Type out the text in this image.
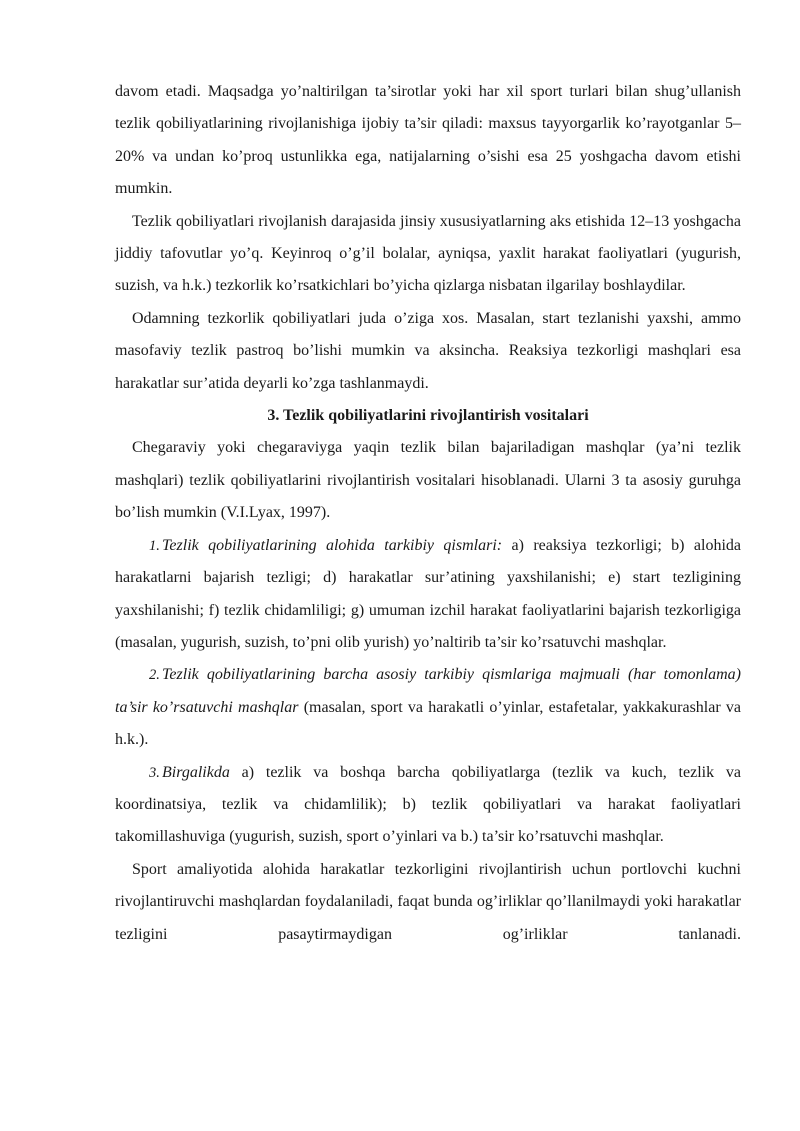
davom etadi. Maqsadga yo’naltirilgan ta’sirotlar yoki har xil sport turlari bilan shug’ullanish tezlik qobiliyatlarining rivojlanishiga ijobiy ta’sir qiladi: maxsus tayyorgarlik ko’rayotganlar 5–20% va undan ko’proq ustunlikka ega, natijalarning o’sishi esa 25 yoshgacha davom etishi mumkin.

Tezlik qobiliyatlari rivojlanish darajasida jinsiy xususiyatlarning aks etishida 12–13 yoshgacha jiddiy tafovutlar yo’q. Keyinroq o’g’il bolalar, ayniqsa, yaxlit harakat faoliyatlari (yugurish, suzish, va h.k.) tezkorlik ko’rsatkichlari bo’yicha qizlarga nisbatan ilgarilay boshlaydilar.

Odamning tezkorlik qobiliyatlari juda o’ziga xos. Masalan, start tezlanishi yaxshi, ammo masofaviy tezlik pastroq bo’lishi mumkin va aksincha. Reaksiya tezkorligi mashqlari esa harakatlar sur’atida deyarli ko’zga tashlanmaydi.

3. Tezlik qobiliyatlarini rivojlantirish vositalari

Chegaraviy yoki chegaraviyga yaqin tezlik bilan bajariladigan mashqlar (ya’ni tezlik mashqlari) tezlik qobiliyatlarini rivojlantirish vositalari hisoblanadi. Ularni 3 ta asosiy guruhga bo’lish mumkin (V.I.Lyax, 1997).

1. Tezlik qobiliyatlarining alohida tarkibiy qismlari: a) reaksiya tezkorligi; b) alohida harakatlarni bajarish tezligi; d) harakatlar sur’atining yaxshilanishi; e) start tezligining yaxshilanishi; f) tezlik chidamliligi; g) umuman izchil harakat faoliyatlarini bajarish tezkorligiga (masalan, yugurish, suzish, to’pni olib yurish) yo’naltirib ta’sir ko’rsatuvchi mashqlar.

2. Tezlik qobiliyatlarining barcha asosiy tarkibiy qismlariga majmuali (har tomonlama) ta’sir ko’rsatuvchi mashqlar (masalan, sport va harakatli o’yinlar, estafetalar, yakkakurashlar va h.k.).

3. Birgalikda a) tezlik va boshqa barcha qobiliyatlarga (tezlik va kuch, tezlik va koordinatsiya, tezlik va chidamlilik); b) tezlik qobiliyatlari va harakat faoliyatlari takomillashuviga (yugurish, suzish, sport o’yinlari va b.) ta’sir ko’rsatuvchi mashqlar.

Sport amaliyotida alohida harakatlar tezkorligini rivojlantirish uchun portlovchi kuchni rivojlantiruvchi mashqlardan foydalaniladi, faqat bunda og’irliklar qo’llanilmaydi yoki harakatlar tezligini pasaytirmaydigan og’irliklar tanlanadi.
